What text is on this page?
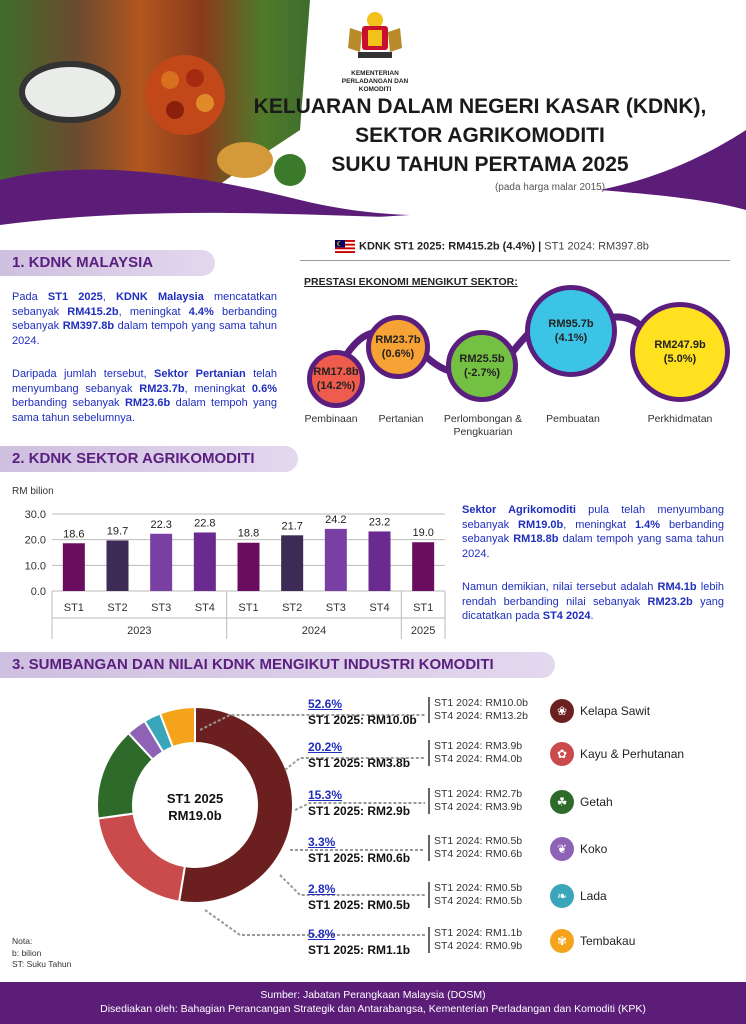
KEMENTERIAN PERLADANGAN DAN KOMODITI
KELUARAN DALAM NEGERI KASAR (KDNK),
SEKTOR AGRIKOMODITI
SUKU TAHUN PERTAMA 2025
(pada harga malar 2015)
1. KDNK MALAYSIA
Pada ST1 2025, KDNK Malaysia mencatatkan sebanyak RM415.2b, meningkat 4.4% berbanding sebanyak RM397.8b dalam tempoh yang sama tahun 2024.
Daripada jumlah tersebut, Sektor Pertanian telah menyumbang sebanyak RM23.7b, meningkat 0.6% berbanding sebanyak RM23.6b dalam tempoh yang sama tahun sebelumnya.
KDNK ST1 2025: RM415.2b (4.4%) | ST1 2024: RM397.8b
PRESTASI EKONOMI MENGIKUT SEKTOR:
RM17.8b
(14.2%)
RM23.7b
(0.6%)	RM25.5b
(-2.7%)
RM95.7b
(4.1%)
RM247.9b
(5.0%)
Pembinaan	Pertanian	Perlombongan & Pengkuarian
Pembuatan	Perkhidmatan
2. KDNK SEKTOR AGRIKOMODITI
RM bilion
0.0
10.0
20.0
30.0
18.6
ST1
19.7
ST2
22.3
ST3
22.8
ST4
18.8
ST1
21.7
ST2
24.2
ST3
23.2
ST4
19.0
ST1
2023	2024	2025
Sektor Agrikomoditi pula telah menyumbang sebanyak RM19.0b, meningkat 1.4% berbanding sebanyak RM18.8b dalam tempoh yang sama tahun 2024.
Namun demikian, nilai tersebut adalah RM4.1b lebih rendah berbanding nilai sebanyak RM23.2b yang dicatatkan pada ST4 2024.
3. SUMBANGAN DAN NILAI KDNK MENGIKUT INDUSTRI KOMODITI
ST1 2025
RM19.0b
52.6%
ST1 2025: RM10.0b
ST1 2024: RM10.0b
ST4 2024: RM13.2b	❀	Kelapa Sawit
20.2%
ST1 2025: RM3.8b
ST1 2024: RM3.9b
ST4 2024: RM4.0b	✿	Kayu & Perhutanan
15.3%
ST1 2025: RM2.9b
ST1 2024: RM2.7b
ST4 2024: RM3.9b	☘	Getah
3.3%
ST1 2025: RM0.6b
ST1 2024: RM0.5b
ST4 2024: RM0.6b	❦	Koko
2.8%
ST1 2025: RM0.5b
ST1 2024: RM0.5b
ST4 2024: RM0.5b	❧	Lada
5.8%
ST1 2025: RM1.1b
ST1 2024: RM1.1b
ST4 2024: RM0.9b	✾	Tembakau
Nota:
b: bilion
ST: Suku Tahun
Sumber: Jabatan Perangkaan Malaysia (DOSM)
Disediakan oleh: Bahagian Perancangan Strategik dan Antarabangsa, Kementerian Perladangan dan Komoditi (KPK)
